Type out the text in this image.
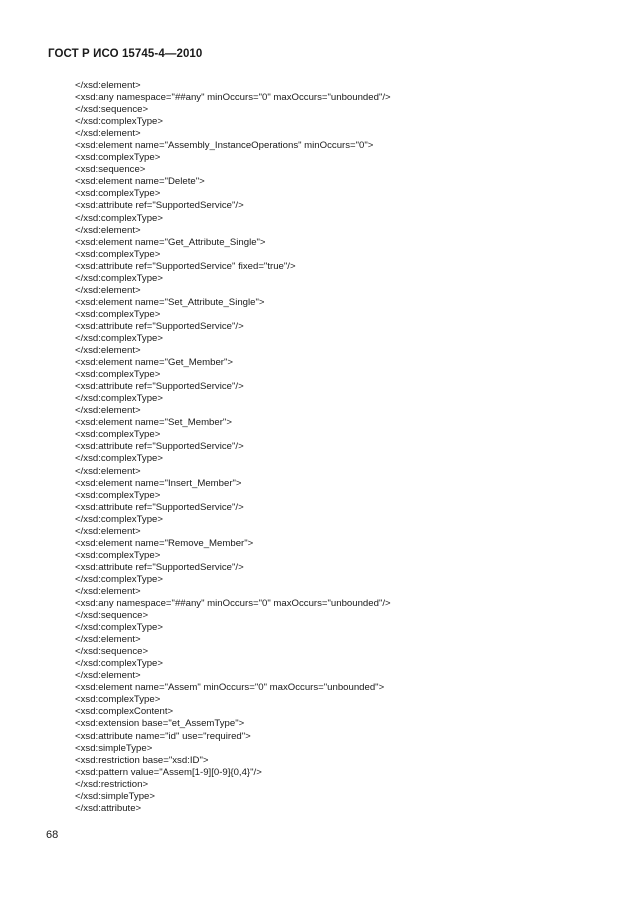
ГОСТ Р ИСО 15745-4—2010
</xsd:element>
<xsd:any namespace="##any" minOccurs="0" maxOccurs="unbounded"/>
</xsd:sequence>
</xsd:complexType>
</xsd:element>
<xsd:element name="Assembly_InstanceOperations" minOccurs="0">
<xsd:complexType>
<xsd:sequence>
<xsd:element name="Delete">
<xsd:complexType>
<xsd:attribute ref="SupportedService"/>
</xsd:complexType>
</xsd:element>
<xsd:element name="Get_Attribute_Single">
<xsd:complexType>
<xsd:attribute ref="SupportedService" fixed="true"/>
</xsd:complexType>
</xsd:element>
<xsd:element name="Set_Attribute_Single">
<xsd:complexType>
<xsd:attribute ref="SupportedService"/>
</xsd:complexType>
</xsd:element>
<xsd:element name="Get_Member">
<xsd:complexType>
<xsd:attribute ref="SupportedService"/>
</xsd:complexType>
</xsd:element>
<xsd:element name="Set_Member">
<xsd:complexType>
<xsd:attribute ref="SupportedService"/>
</xsd:complexType>
</xsd:element>
<xsd:element name="Insert_Member">
<xsd:complexType>
<xsd:attribute ref="SupportedService"/>
</xsd:complexType>
</xsd:element>
<xsd:element name="Remove_Member">
<xsd:complexType>
<xsd:attribute ref="SupportedService"/>
</xsd:complexType>
</xsd:element>
<xsd:any namespace="##any" minOccurs="0" maxOccurs="unbounded"/>
</xsd:sequence>
</xsd:complexType>
</xsd:element>
</xsd:sequence>
</xsd:complexType>
</xsd:element>
<xsd:element name="Assem" minOccurs="0" maxOccurs="unbounded">
<xsd:complexType>
<xsd:complexContent>
<xsd:extension base="et_AssemType">
<xsd:attribute name="id" use="required">
<xsd:simpleType>
<xsd:restriction base="xsd:ID">
<xsd:pattern value="Assem[1-9][0-9]{0,4}"/>
</xsd:restriction>
</xsd:simpleType>
</xsd:attribute>
68
